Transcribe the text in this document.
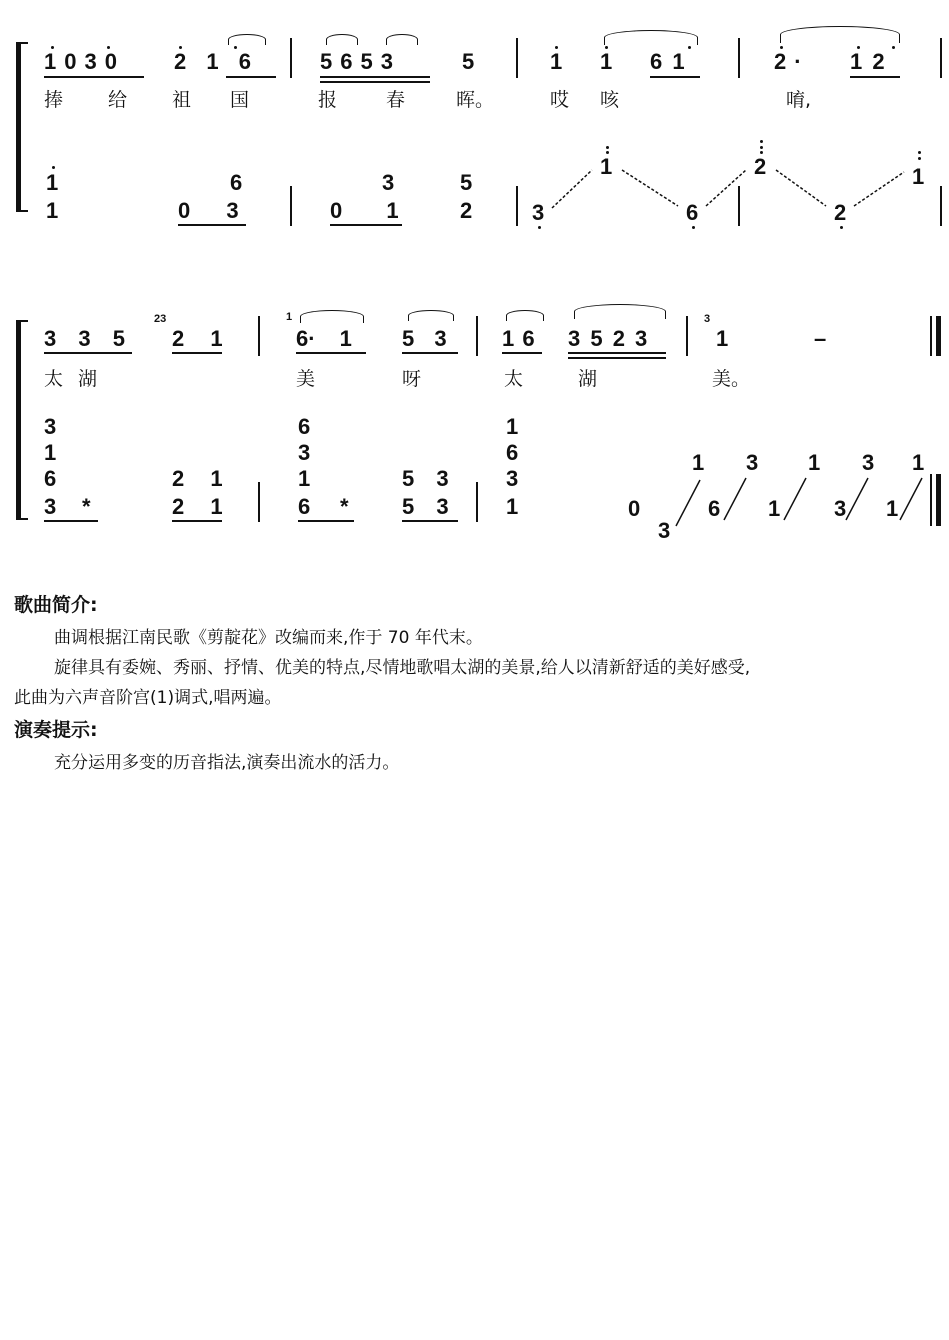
1030 2 1 6	5653	5	1 1 6 1	2· 1 2
捧 给 祖 国	报	春	晖。	哎 咳	唷,
1
1
6
0 3
3	5
0 1	2	3
1
6
2
2
1
3 3 5
23
2 1
1
6· 1 5 3	1 6 3 5 2 3
3
1	–
太 湖	美	呀	太	湖	美。
3
1
6
3 *
2 1
2 1
6
3
1
6 *
5 3
5 3
1
6
3
1	0
3
6 1 3 1
1 3 1 3 1

歌曲简介:

曲调根据江南民歌《剪靛花》改编而来,作于 70 年代末。

旋律具有委婉、秀丽、抒情、优美的特点,尽情地歌唱太湖的美景,给人以清新舒适的美好感受,

此曲为六声音阶宫(1)调式,唱两遍。

演奏提示:

充分运用多变的历音指法,演奏出流水的活力。
